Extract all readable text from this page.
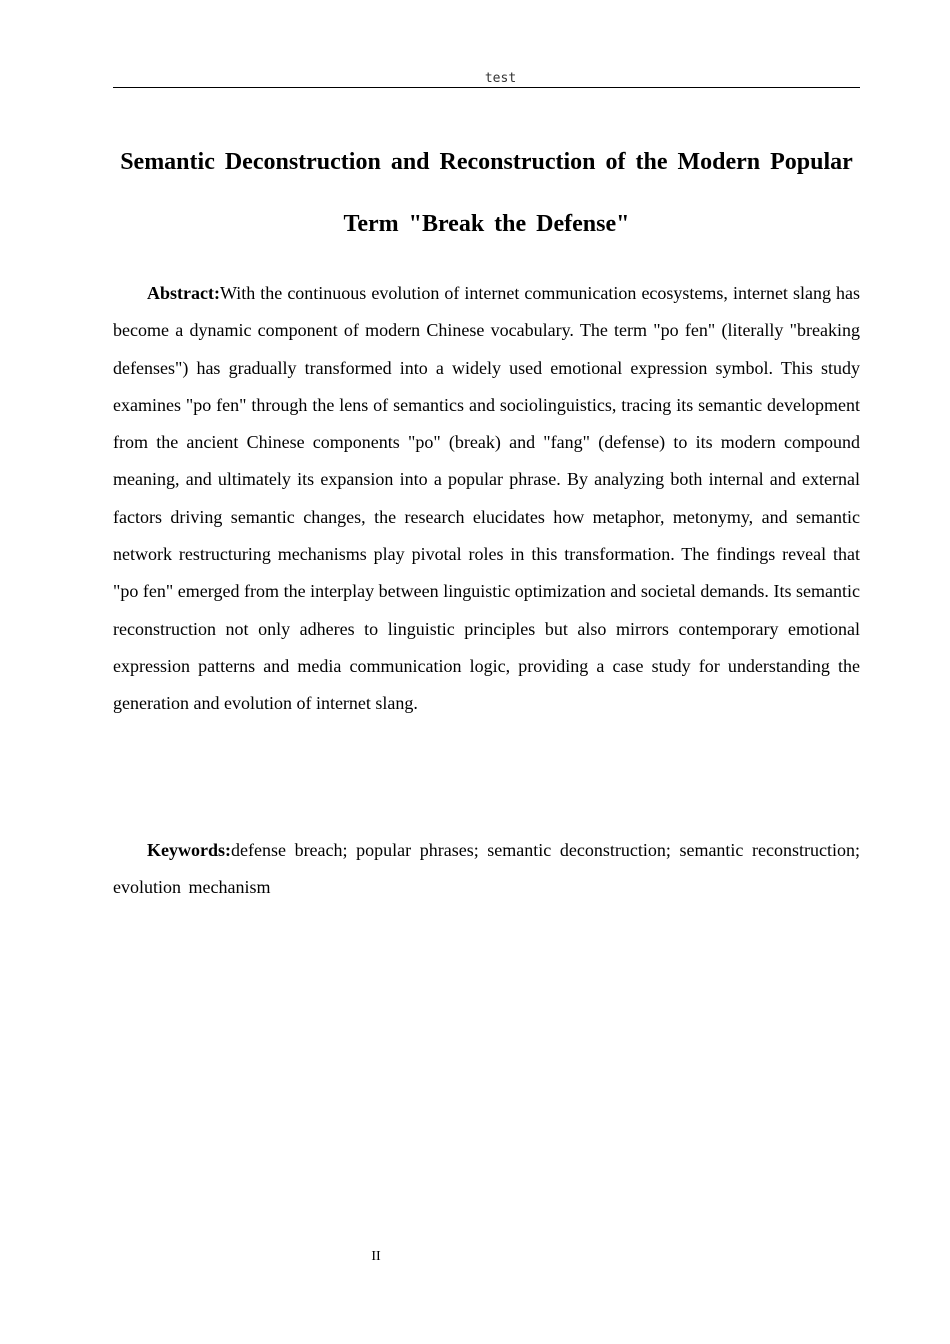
test
Semantic Deconstruction and Reconstruction of the Modern Popular Term "Break the Defense"

Abstract:With the continuous evolution of internet communication ecosystems, internet slang has become a dynamic component of modern Chinese vocabulary. The term "po fen" (literally "breaking defenses") has gradually transformed into a widely used emotional expression symbol. This study examines "po fen" through the lens of semantics and sociolinguistics, tracing its semantic development from the ancient Chinese components "po" (break) and "fang" (defense) to its modern compound meaning, and ultimately its expansion into a popular phrase. By analyzing both internal and external factors driving semantic changes, the research elucidates how metaphor, metonymy, and semantic network restructuring mechanisms play pivotal roles in this transformation. The findings reveal that "po fen" emerged from the interplay between linguistic optimization and societal demands. Its semantic reconstruction not only adheres to linguistic principles but also mirrors contemporary emotional expression patterns and media communication logic, providing a case study for understanding the generation and evolution of internet slang.

Keywords:defense breach; popular phrases; semantic deconstruction; semantic reconstruction; evolution mechanism

II
